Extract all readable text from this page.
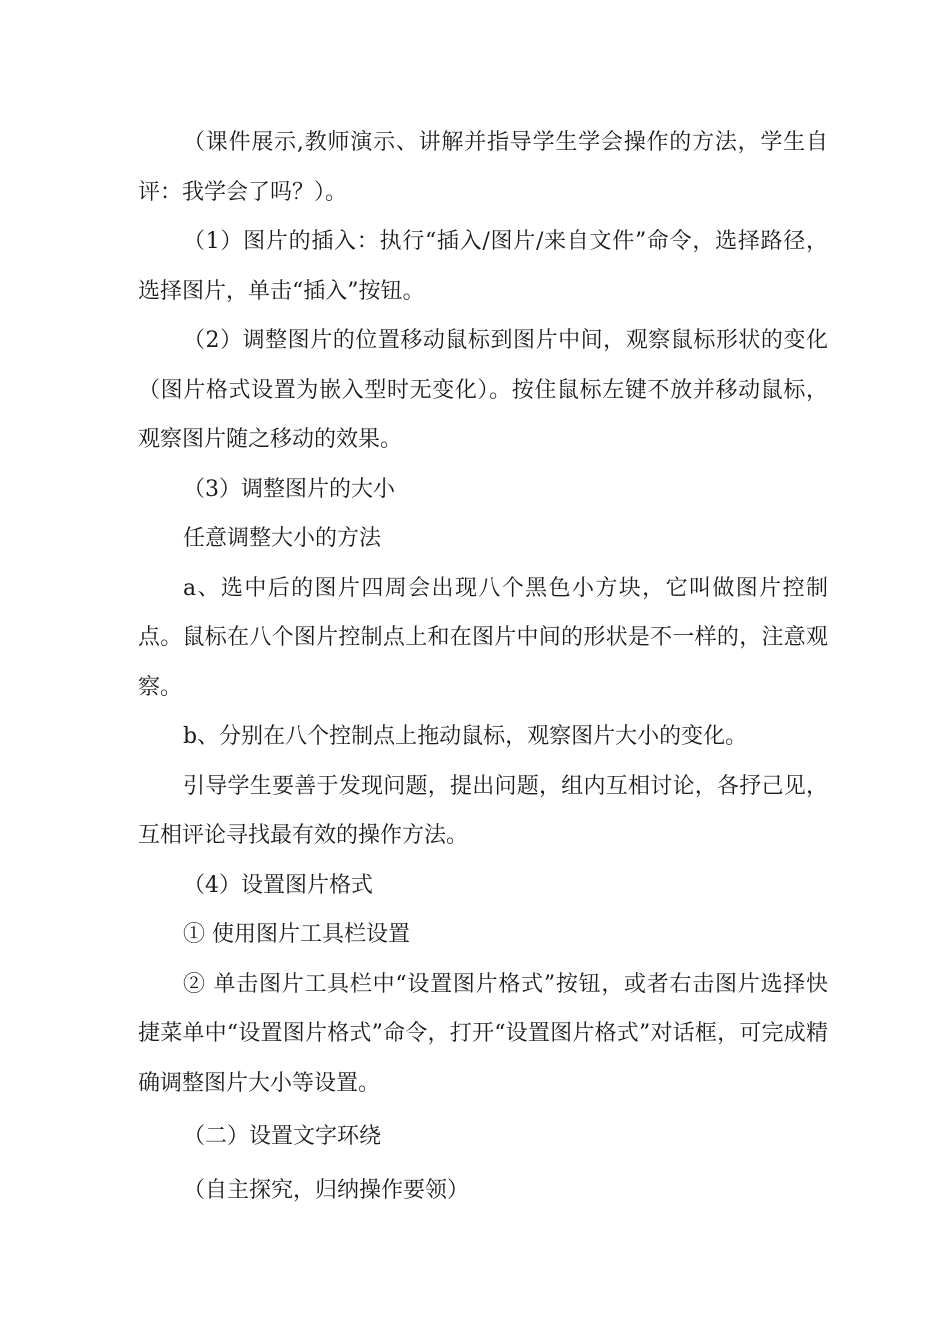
（课件展示,教师演示、讲解并指导学生学会操作的方法，学生自评：我学会了吗？）。

（1）图片的插入：执行“插入/图片/来自文件”命令，选择路径，选择图片，单击“插入”按钮。

（2）调整图片的位置移动鼠标到图片中间，观察鼠标形状的变化（图片格式设置为嵌入型时无变化）。按住鼠标左键不放并移动鼠标，观察图片随之移动的效果。

（3）调整图片的大小

任意调整大小的方法

a、选中后的图片四周会出现八个黑色小方块，它叫做图片控制点。鼠标在八个图片控制点上和在图片中间的形状是不一样的，注意观察。

b、分别在八个控制点上拖动鼠标，观察图片大小的变化。

引导学生要善于发现问题，提出问题，组内互相讨论，各抒己见，互相评论寻找最有效的操作方法。

（4）设置图片格式

① 使用图片工具栏设置

② 单击图片工具栏中“设置图片格式”按钮，或者右击图片选择快捷菜单中“设置图片格式”命令，打开“设置图片格式”对话框，可完成精确调整图片大小等设置。

（二）设置文字环绕

（自主探究，归纳操作要领）
